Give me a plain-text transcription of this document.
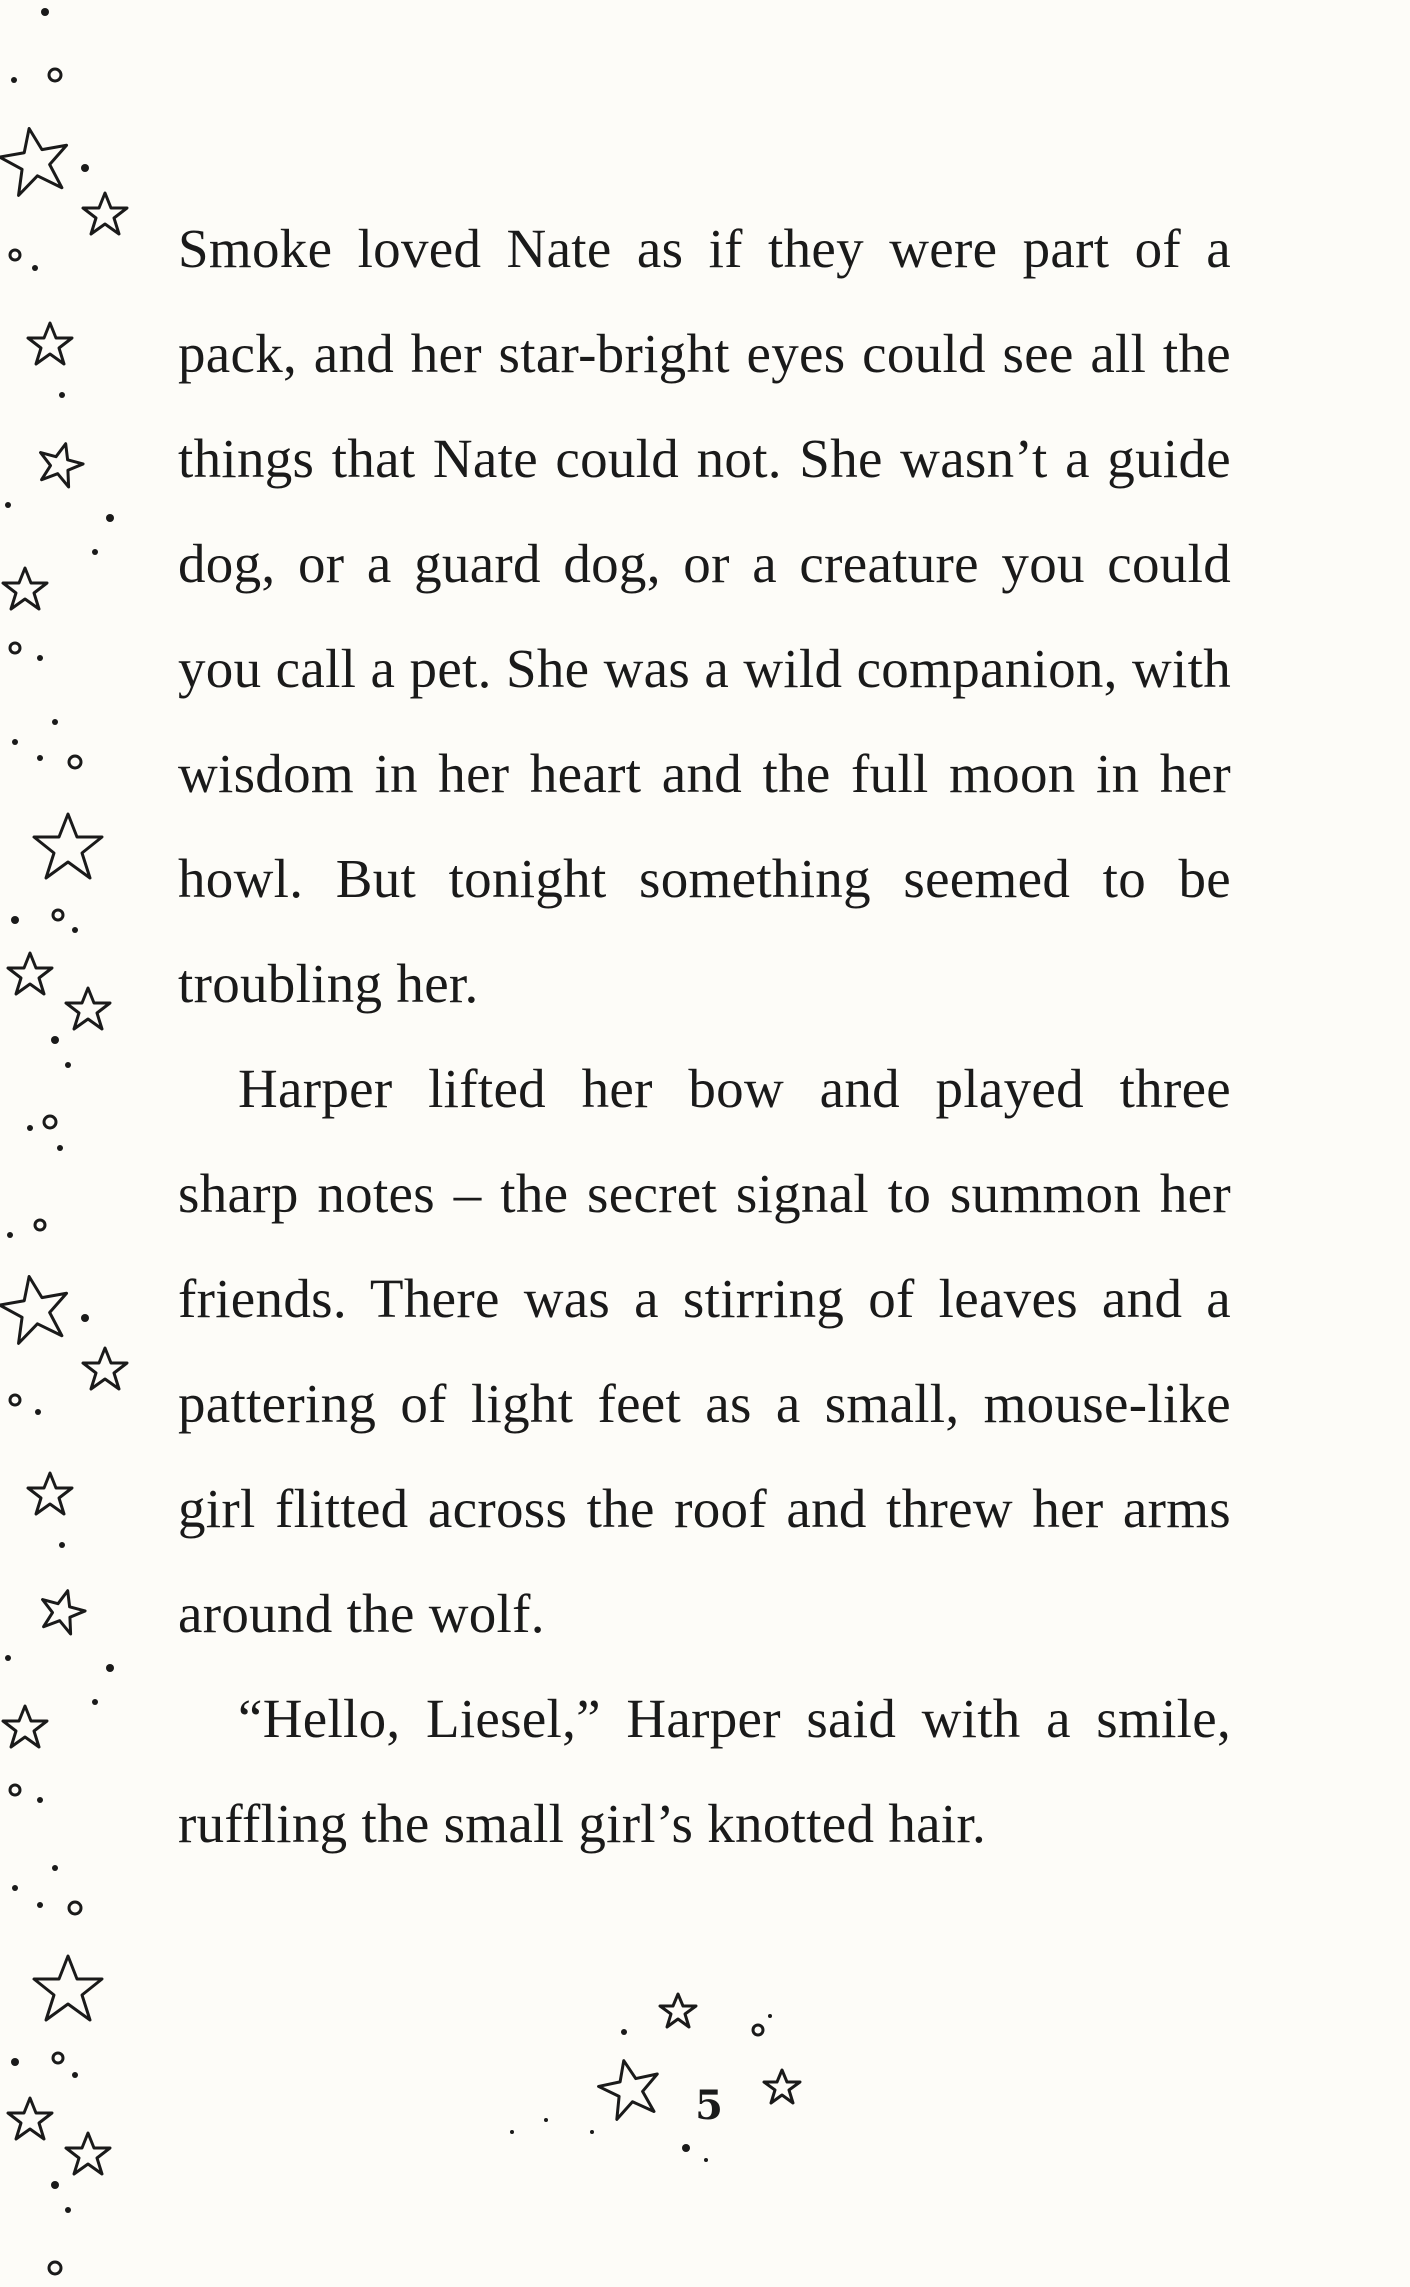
Smoke loved Nate as if they were part of a pack, and her star-bright eyes could see all the things that Nate could not. She wasn’t a guide dog, or a guard dog, or a creature you could you call a pet. She was a wild companion, with wisdom in her heart and the full moon in her howl. But tonight something seemed to be troubling her.

Harper lifted her bow and played three sharp notes – the secret signal to summon her friends. There was a stirring of leaves and a pattering of light feet as a small, mouse-like girl flitted across the roof and threw her arms around the wolf.

“Hello, Liesel,” Harper said with a smile, ruffling the small girl’s knotted hair.

5
